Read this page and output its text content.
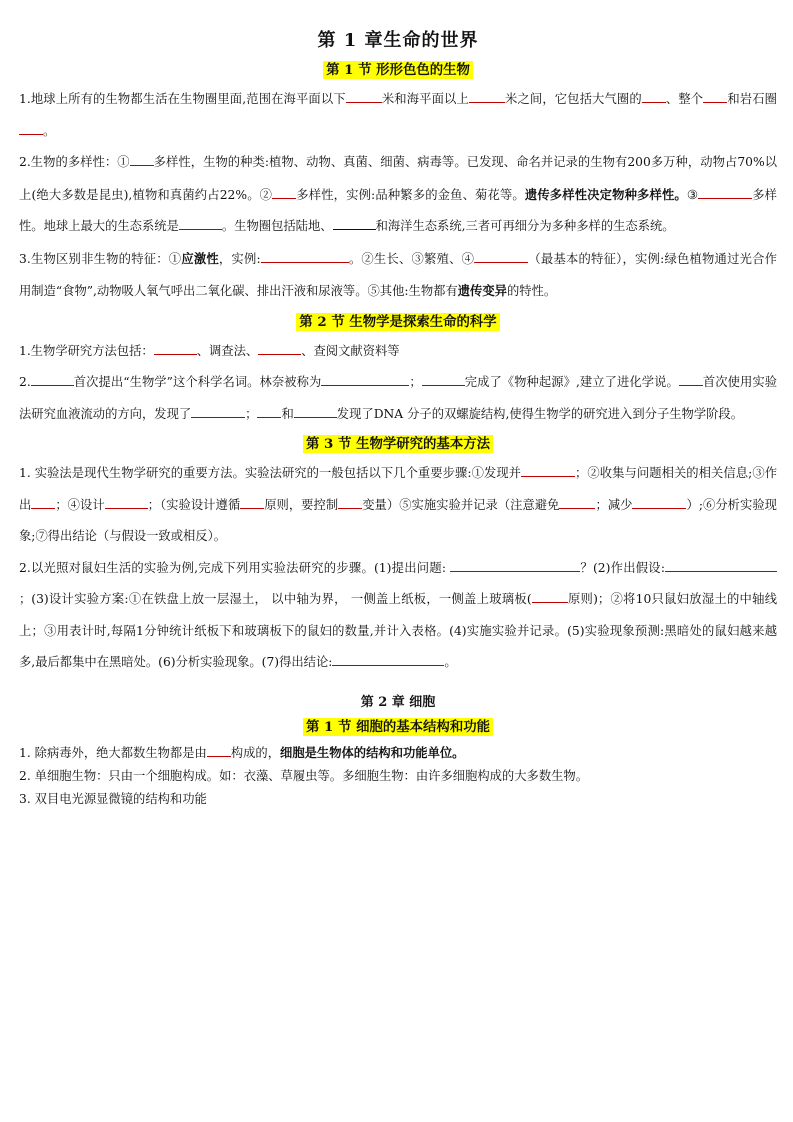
第 1 章生命的世界
第 1 节 形形色色的生物

1.地球上所有的生物都生活在生物圈里面,范围在海平面以下	米和海平面以上	米之间，它包括大气圈的 、整个 和岩石圈。

2.生物的多样性：① 多样性，生物的种类:植物、动物、真菌、细菌、病毒等。已发现、命名并记录的生物有200多万种，动物占70%以上(绝大多数是昆虫),植物和真菌约占22%。② 多样性，实例:品种繁多的金鱼、菊花等。遗传多样性决定物种多样性。③	多样性。地球上最大的生态系统是	。生物圈包括陆地、	和海洋生态系统,三者可再细分为多种多样的生态系统。

3.生物区别非生物的特征：①应激性，实例:	。②生长、③繁殖、④	（最基本的特征），实例:绿色植物通过光合作用制造“食物”,动物吸人氧气呼出二氧化碳、排出汗液和尿液等。⑤其他:生物都有遗传变异的特性。

第 2 节 生物学是探索生命的科学

1.生物学研究方法包括：	、调查法、	、查阅文献资料等

2.	首次提出“生物学”这个科学名词。林奈被称为	；	完成了《物种起源》,建立了进化学说。 首次使用实验法研究血液流动的方向，发现了	； 和	发现了DNA 分子的双螺旋结构,使得生物学的研究进入到分子生物学阶段。

第 3 节 生物学研究的基本方法

1. 实验法是现代生物学研究的重要方法。实验法研究的一般包括以下几个重要步骤:①发现并	；②收集与问题相关的相关信息;③作出 ；④设计	；（实验设计遵循 原则，要控制 变量）⑤实施实验并记录（注意避免	；减少	）;⑥分析实验现象;⑦得出结论（与假设一致或相反）。

2.以光照对鼠妇生活的实验为例,完成下列用实验法研究的步骤。(1)提出问题:	？(2)作出假设:；(3)设计实验方案:①在铁盘上放一层湿土， 以中轴为界， 一侧盖上纸板，一侧盖上玻璃板(	原则)；②将10只鼠妇放湿土的中轴线上；③用表计时,每隔1分钟统计纸板下和玻璃板下的鼠妇的数量,并计入表格。(4)实施实验并记录。(5)实验现象预测:黑暗处的鼠妇越来越多,最后都集中在黑暗处。(6)分析实验现象。(7)得出结论:	。

第 2 章 细胞
第 1 节 细胞的基本结构和功能

1. 除病毒外，绝大都数生物都是由 构成的，细胞是生物体的结构和功能单位。

2. 单细胞生物：只由一个细胞构成。如：衣藻、草履虫等。多细胞生物：由许多细胞构成的大多数生物。

3. 双目电光源显微镜的结构和功能
